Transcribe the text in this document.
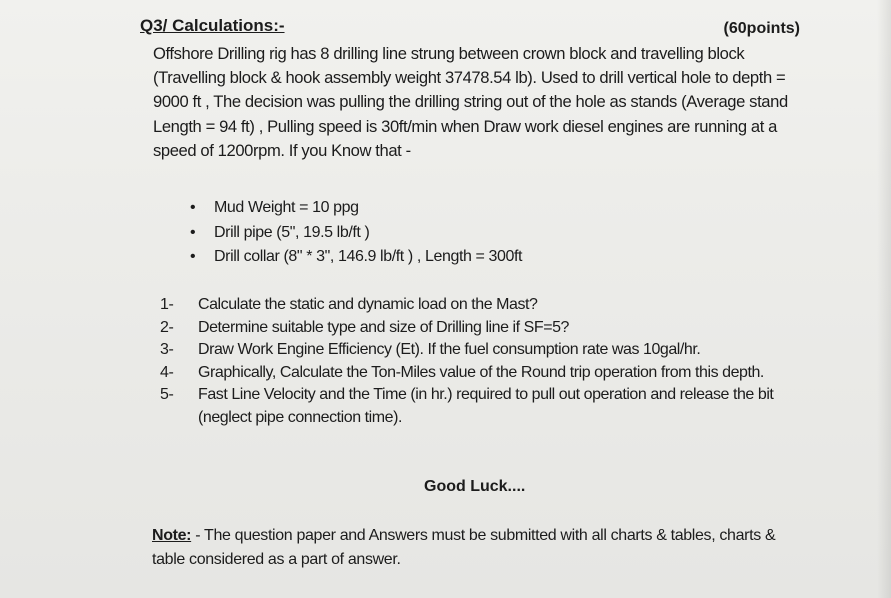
Q3/ Calculations:-	(60points)
Offshore Drilling rig has 8 drilling line strung between crown block and travelling block
(Travelling block & hook assembly weight 37478.54 lb). Used to drill vertical hole to depth =
9000 ft , The decision was pulling the drilling string out of the hole as stands (Average stand
Length = 94 ft) , Pulling speed is 30ft/min when Draw work diesel engines are running at a
speed of 1200rpm. If you Know that -
• Mud Weight = 10 ppg
• Drill pipe (5", 19.5 lb/ft )
• Drill collar (8" * 3", 146.9 lb/ft ) , Length = 300ft
1-	Calculate the static and dynamic load on the Mast?
2-	Determine suitable type and size of Drilling line if SF=5?
3-	Draw Work Engine Efficiency (Et). If the fuel consumption rate was 10gal/hr.
4-	Graphically, Calculate the Ton-Miles value of the Round trip operation from this depth.
5-	Fast Line Velocity and the Time (in hr.) required to pull out operation and release the bit
(neglect pipe connection time).
Good Luck....
Note: - The question paper and Answers must be submitted with all charts & tables, charts &
table considered as a part of answer.
